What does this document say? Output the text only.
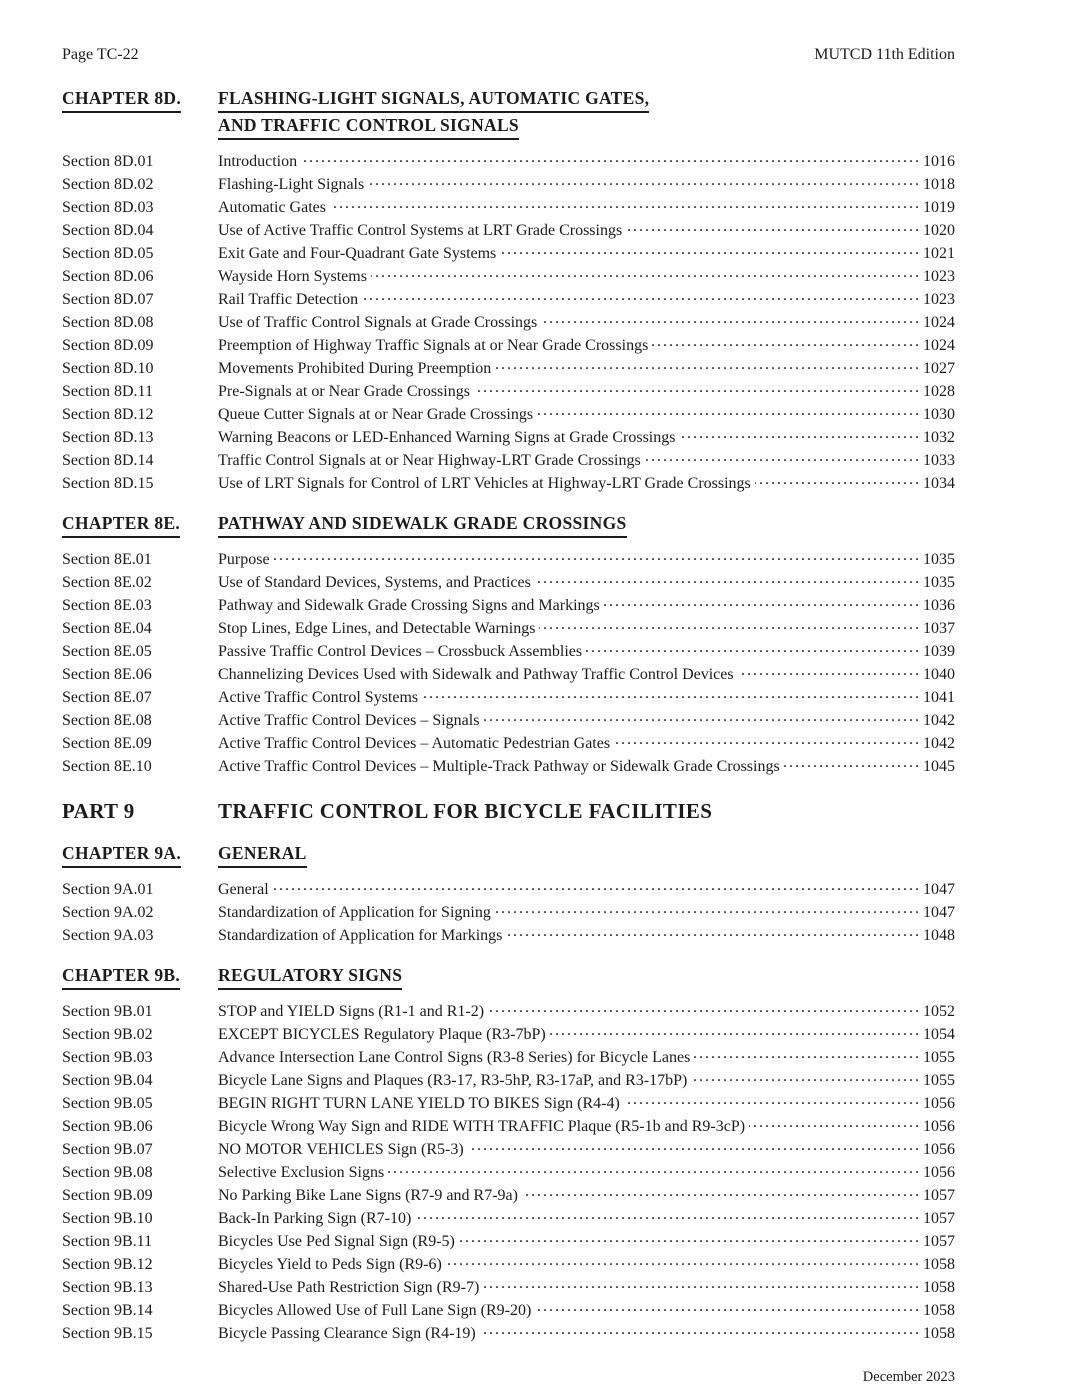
Page TC-22	MUTCD 11th Edition
CHAPTER 8D.	FLASHING-LIGHT SIGNALS, AUTOMATIC GATES,
AND TRAFFIC CONTROL SIGNALS
Section 8D.01	Introduction . . .	1016
Section 8D.02	Flashing-Light Signals . . .	1018
Section 8D.03	Automatic Gates . . .	1019
Section 8D.04	Use of Active Traffic Control Systems at LRT Grade Crossings . . .	1020
Section 8D.05	Exit Gate and Four-Quadrant Gate Systems . . .	1021
Section 8D.06	Wayside Horn Systems . . .	1023
Section 8D.07	Rail Traffic Detection . . .	1023
Section 8D.08	Use of Traffic Control Signals at Grade Crossings . . .	1024
Section 8D.09	Preemption of Highway Traffic Signals at or Near Grade Crossings . . .	1024
Section 8D.10	Movements Prohibited During Preemption . . .	1027
Section 8D.11	Pre-Signals at or Near Grade Crossings . . .	1028
Section 8D.12	Queue Cutter Signals at or Near Grade Crossings . . .	1030
Section 8D.13	Warning Beacons or LED-Enhanced Warning Signs at Grade Crossings . . .	1032
Section 8D.14	Traffic Control Signals at or Near Highway-LRT Grade Crossings . . .	1033
Section 8D.15	Use of LRT Signals for Control of LRT Vehicles at Highway-LRT Grade Crossings . . .	1034
CHAPTER 8E.	PATHWAY AND SIDEWALK GRADE CROSSINGS
Section 8E.01	Purpose . . .	1035
Section 8E.02	Use of Standard Devices, Systems, and Practices . . .	1035
Section 8E.03	Pathway and Sidewalk Grade Crossing Signs and Markings . . .	1036
Section 8E.04	Stop Lines, Edge Lines, and Detectable Warnings . . .	1037
Section 8E.05	Passive Traffic Control Devices – Crossbuck Assemblies . . .	1039
Section 8E.06	Channelizing Devices Used with Sidewalk and Pathway Traffic Control Devices . . .	1040
Section 8E.07	Active Traffic Control Systems . . .	1041
Section 8E.08	Active Traffic Control Devices – Signals . . .	1042
Section 8E.09	Active Traffic Control Devices – Automatic Pedestrian Gates . . .	1042
Section 8E.10	Active Traffic Control Devices – Multiple-Track Pathway or Sidewalk Grade Crossings . . .	1045
PART 9	TRAFFIC CONTROL FOR BICYCLE FACILITIES
CHAPTER 9A.	GENERAL
Section 9A.01	General . . .	1047
Section 9A.02	Standardization of Application for Signing . . .	1047
Section 9A.03	Standardization of Application for Markings . . .	1048
CHAPTER 9B.	REGULATORY SIGNS
Section 9B.01	STOP and YIELD Signs (R1-1 and R1-2) . . .	1052
Section 9B.02	EXCEPT BICYCLES Regulatory Plaque (R3-7bP) . . .	1054
Section 9B.03	Advance Intersection Lane Control Signs (R3-8 Series) for Bicycle Lanes . . .	1055
Section 9B.04	Bicycle Lane Signs and Plaques (R3-17, R3-5hP, R3-17aP, and R3-17bP) . . .	1055
Section 9B.05	BEGIN RIGHT TURN LANE YIELD TO BIKES Sign (R4-4) . . .	1056
Section 9B.06	Bicycle Wrong Way Sign and RIDE WITH TRAFFIC Plaque (R5-1b and R9-3cP) . . .	1056
Section 9B.07	NO MOTOR VEHICLES Sign (R5-3) . . .	1056
Section 9B.08	Selective Exclusion Signs . . .	1056
Section 9B.09	No Parking Bike Lane Signs (R7-9 and R7-9a) . . .	1057
Section 9B.10	Back-In Parking Sign (R7-10) . . .	1057
Section 9B.11	Bicycles Use Ped Signal Sign (R9-5) . . .	1057
Section 9B.12	Bicycles Yield to Peds Sign (R9-6) . . .	1058
Section 9B.13	Shared-Use Path Restriction Sign (R9-7) . . .	1058
Section 9B.14	Bicycles Allowed Use of Full Lane Sign (R9-20) . . .	1058
Section 9B.15	Bicycle Passing Clearance Sign (R4-19) . . .	1058
December 2023
